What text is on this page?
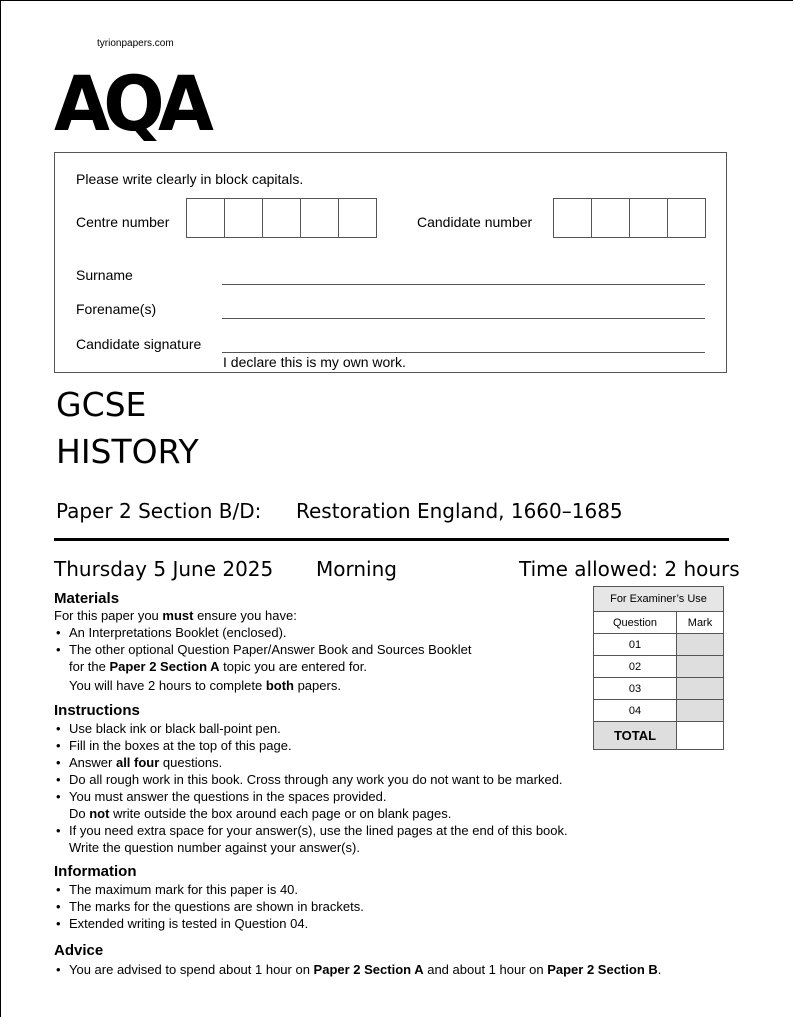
tyrionpapers.com
AQA
Please write clearly in block capitals.
Centre number	Candidate number
Surname
Forename(s)
Candidate signature
I declare this is my own work.
GCSE
HISTORY
Paper 2 Section B/D: Restoration England, 1660–1685
Thursday 5 June 2025 Morning	Time allowed: 2 hours
Materials
For this paper you must ensure you have:
• An Interpretations Booklet (enclosed).
• The other optional Question Paper/Answer Book and Sources Booklet
for the Paper 2 Section A topic you are entered for.
You will have 2 hours to complete both papers.
Instructions
• Use black ink or black ball-point pen.
• Fill in the boxes at the top of this page.
• Answer all four questions.
• Do all rough work in this book. Cross through any work you do not want to be marked.
• You must answer the questions in the spaces provided.
Do not write outside the box around each page or on blank pages.
• If you need extra space for your answer(s), use the lined pages at the end of this book.
Write the question number against your answer(s).
Information
• The maximum mark for this paper is 40.
• The marks for the questions are shown in brackets.
• Extended writing is tested in Question 04.
Advice
• You are advised to spend about 1 hour on Paper 2 Section A and about 1 hour on Paper 2 Section B.
For Examiner’s Use	
Question	Mark
01	
02	
03	
04	
TOTAL	
